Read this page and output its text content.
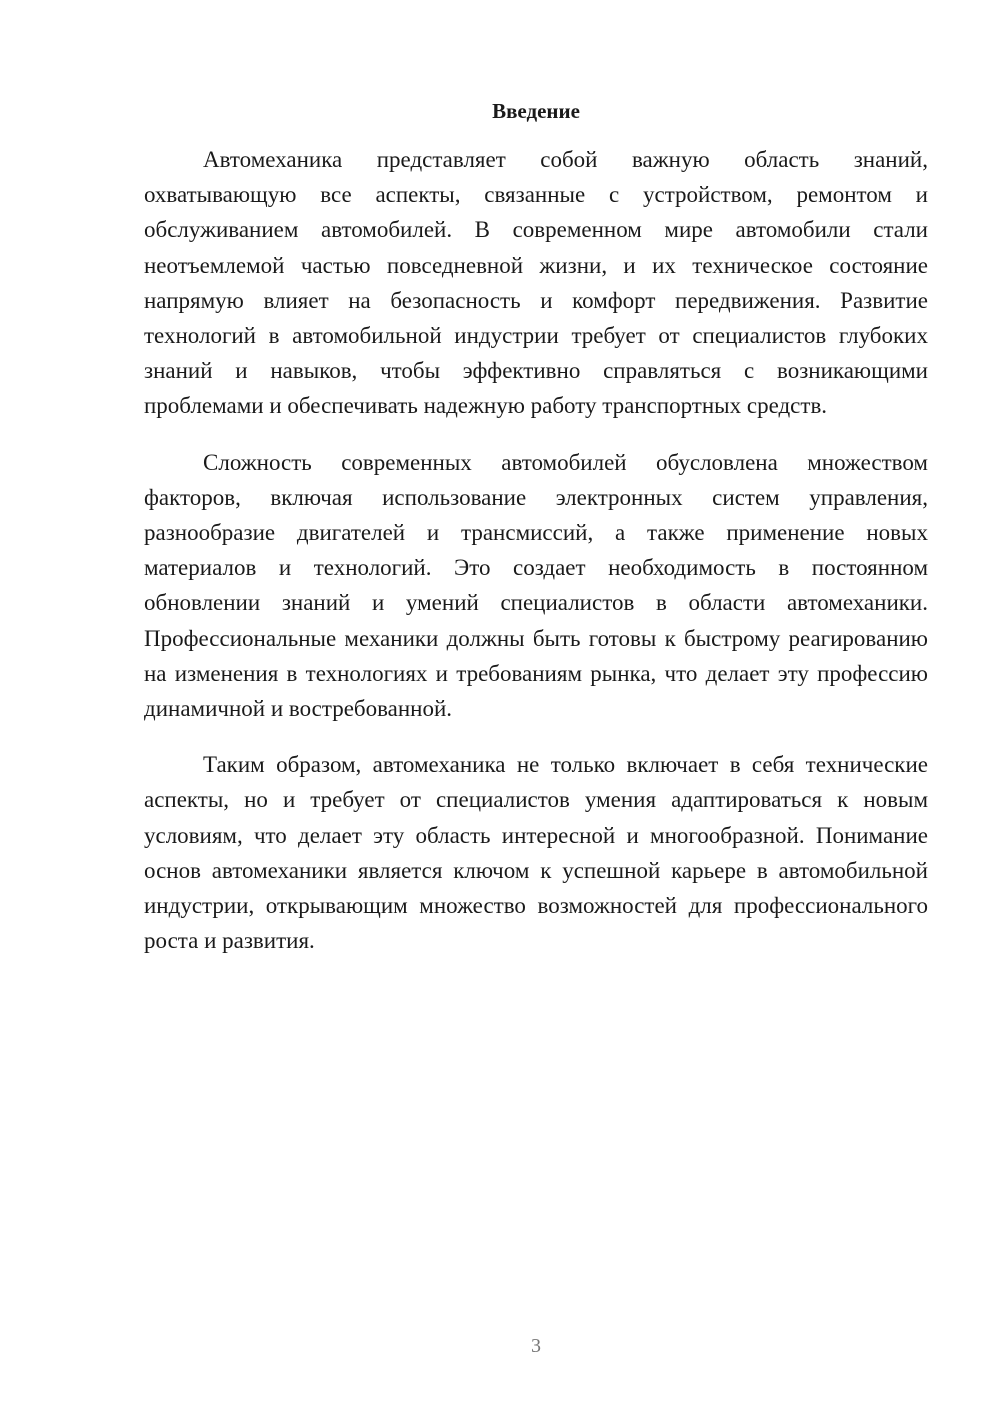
Введение

Автомеханика представляет собой важную область знаний, охватывающую все аспекты, связанные с устройством, ремонтом и обслуживанием автомобилей. В современном мире автомобили стали неотъемлемой частью повседневной жизни, и их техническое состояние напрямую влияет на безопасность и комфорт передвижения. Развитие технологий в автомобильной индустрии требует от специалистов глубоких знаний и навыков, чтобы эффективно справляться с возникающими проблемами и обеспечивать надежную работу транспортных средств.

Сложность современных автомобилей обусловлена множеством факторов, включая использование электронных систем управления, разнообразие двигателей и трансмиссий, а также применение новых материалов и технологий. Это создает необходимость в постоянном обновлении знаний и умений специалистов в области автомеханики. Профессиональные механики должны быть готовы к быстрому реагированию на изменения в технологиях и требованиям рынка, что делает эту профессию динамичной и востребованной.

Таким образом, автомеханика не только включает в себя технические аспекты, но и требует от специалистов умения адаптироваться к новым условиям, что делает эту область интересной и многообразной. Понимание основ автомеханики является ключом к успешной карьере в автомобильной индустрии, открывающим множество возможностей для профессионального роста и развития.

3
